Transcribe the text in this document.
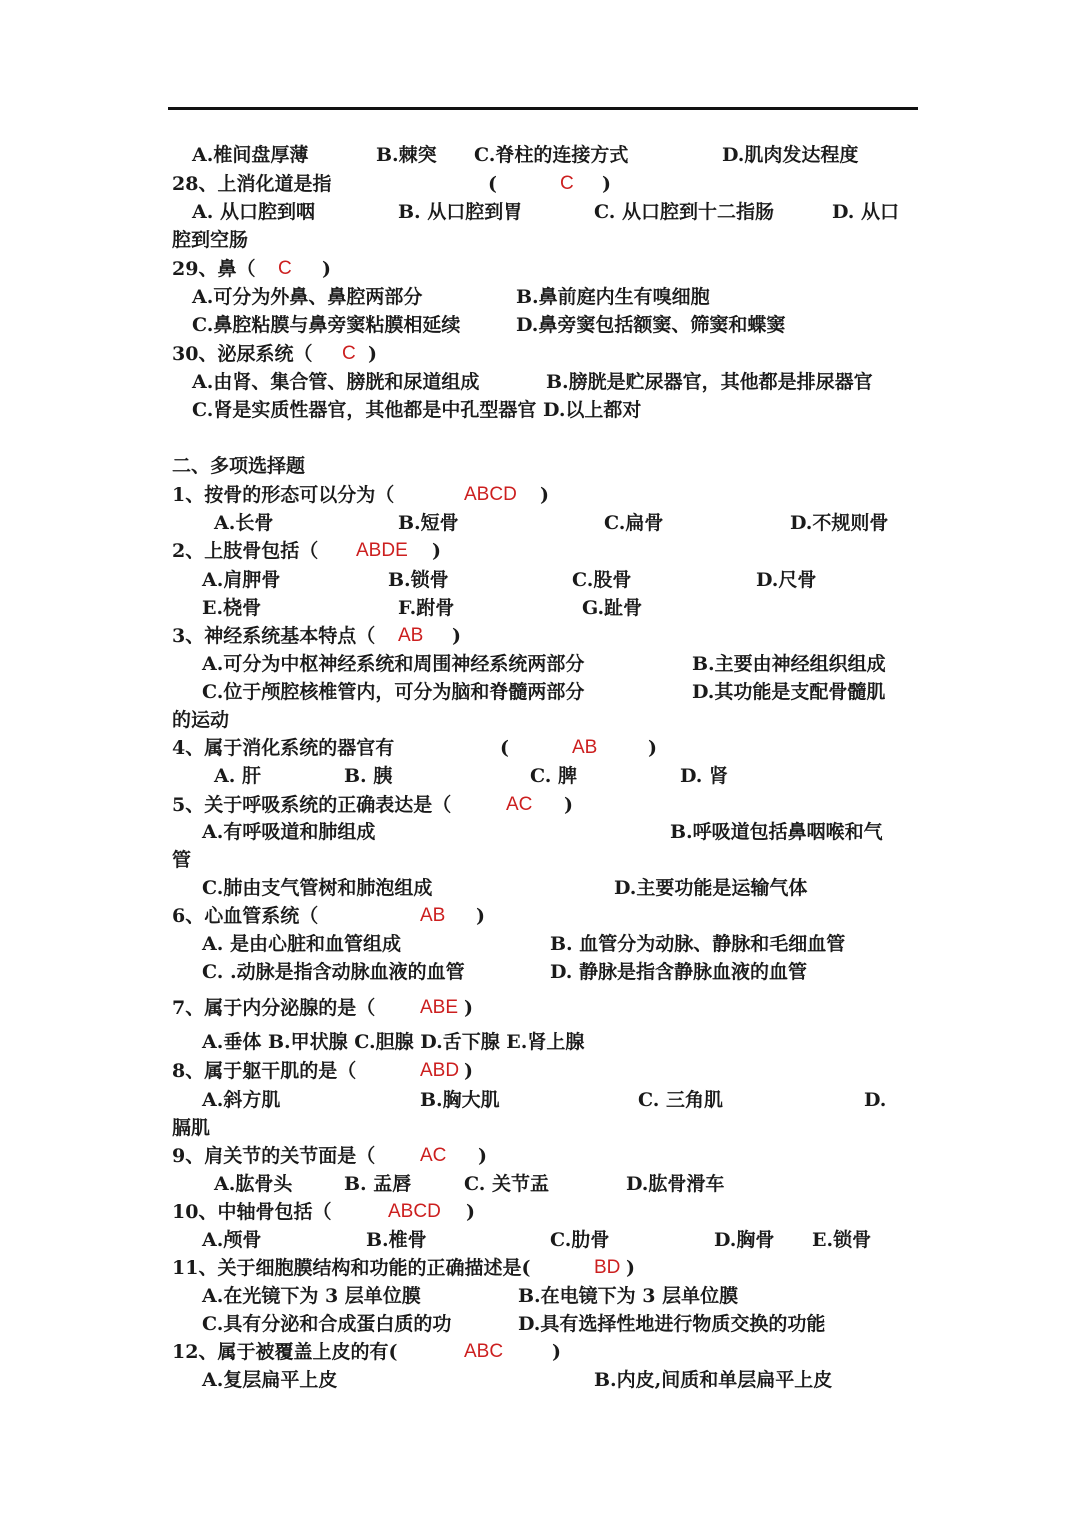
A.椎间盘厚薄	B.棘突 C.脊柱的连接方式	D.肌肉发达程度
28、上消化道是指	(	C )
A. 从口腔到咽	B. 从口腔到胃	C. 从口腔到十二指肠	D. 从口
腔到空肠
29、鼻（ C )
A.可分为外鼻、鼻腔两部分	B.鼻前庭内生有嗅细胞
C.鼻腔粘膜与鼻旁窦粘膜相延续	D.鼻旁窦包括额窦、筛窦和蝶窦
30、泌尿系统（ C )
A.由肾、集合管、膀胱和尿道组成	B.膀胱是贮尿器官，其他都是排尿器官
C.肾是实质性器官，其他都是中孔型器官 D.以上都对
二、多项选择题
1、按骨的形态可以分为（	ABCD )
A.长骨	B.短骨	C.扁骨	D.不规则骨
2、上肢骨包括（ ABDE )
A.肩胛骨	B.锁骨	C.股骨	D.尺骨
E.桡骨	F.跗骨	G.趾骨
3、神经系统基本特点（ AB )
A.可分为中枢神经系统和周围神经系统两部分	B.主要由神经组织组成
C.位于颅腔核椎管内，可分为脑和脊髓两部分	D.其功能是支配骨髓肌
的运动
4、属于消化系统的器官有	(	AB	)
A. 肝	B. 胰	C. 脾	D. 肾
5、关于呼吸系统的正确表达是（	AC )
A.有呼吸道和肺组成	B.呼吸道包括鼻咽喉和气
管
C.肺由支气管树和肺泡组成	D.主要功能是运输气体
6、心血管系统（	AB )
A. 是由心脏和血管组成	B. 血管分为动脉、静脉和毛细血管
C. .动脉是指含动脉血液的血管	D. 静脉是指含静脉血液的血管
7、属于内分泌腺的是（ ABE )
A.垂体 B.甲状腺 C.胆腺 D.舌下腺 E.肾上腺
8、属于躯干肌的是（	ABD )
A.斜方肌	B.胸大肌	C. 三角肌	D.
膈肌
9、肩关节的关节面是（ AC )
A.肱骨头	B. 盂唇	C. 关节盂	D.肱骨滑车
10、中轴骨包括（	ABCD )
A.颅骨	B.椎骨	C.肋骨	D.胸骨 E.锁骨
11、关于细胞膜结构和功能的正确描述是(	BD )
A.在光镜下为 3 层单位膜	B.在电镜下为 3 层单位膜
C.具有分泌和合成蛋白质的功	D.具有选择性地进行物质交换的功能
12、属于被覆盖上皮的有(	ABC	)
A.复层扁平上皮	B.内皮,间质和单层扁平上皮
